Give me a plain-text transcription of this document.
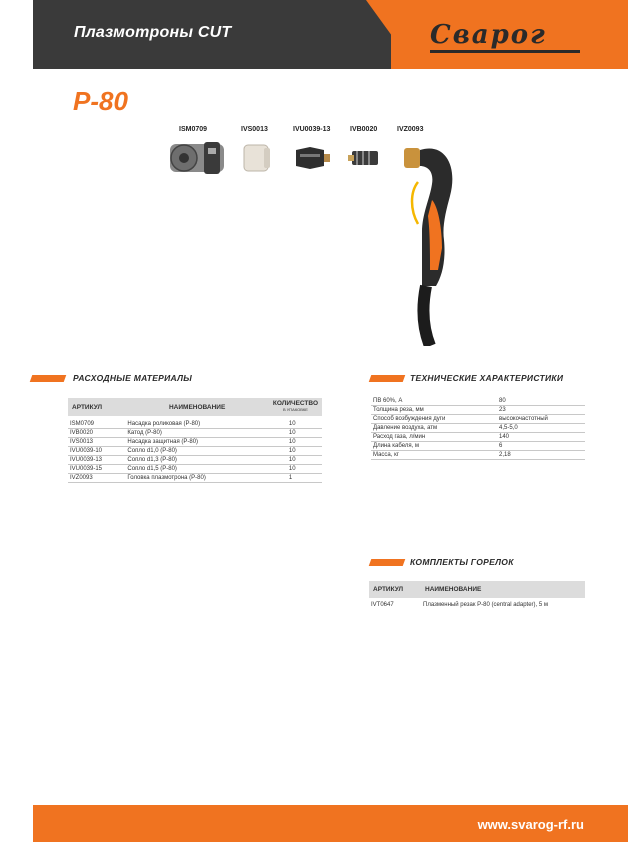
Плазмотроны CUT	Сварог
P-80
ISM0709	IVS0013	IVU0039-13	IVB0020	IVZ0093
РАСХОДНЫЕ МАТЕРИАЛЫ
АРТИКУЛ	НАИМЕНОВАНИЕ	КОЛИЧЕСТВО
В УПАКОВКЕ

ISM0709	Насадка роликовая (P-80)	10
IVB0020	Катод (P-80)	10
IVS0013	Насадка защитная (P-80)	10
IVU0039-10	Сопло d1,0 (P-80)	10
IVU0039-13	Сопло d1,3 (P-80)	10
IVU0039-15	Сопло d1,5 (P-80)	10
IVZ0093	Головка плазмотрона (P-80)	1
ТЕХНИЧЕСКИЕ ХАРАКТЕРИСТИКИ
ПВ 60%, А	80
Толщина реза, мм	23
Способ возбуждения дуги	высокочастотный
Давление воздуха, атм	4,5-5,0
Расход газа, л/мин	140
Длина кабеля, м	6
Масса, кг	2,18
КОМПЛЕКТЫ ГОРЕЛОК
АРТИКУЛ	НАИМЕНОВАНИЕ

IVT0647	Плазменный резак P-80 (central adapter), 5 м
www.svarog-rf.ru
